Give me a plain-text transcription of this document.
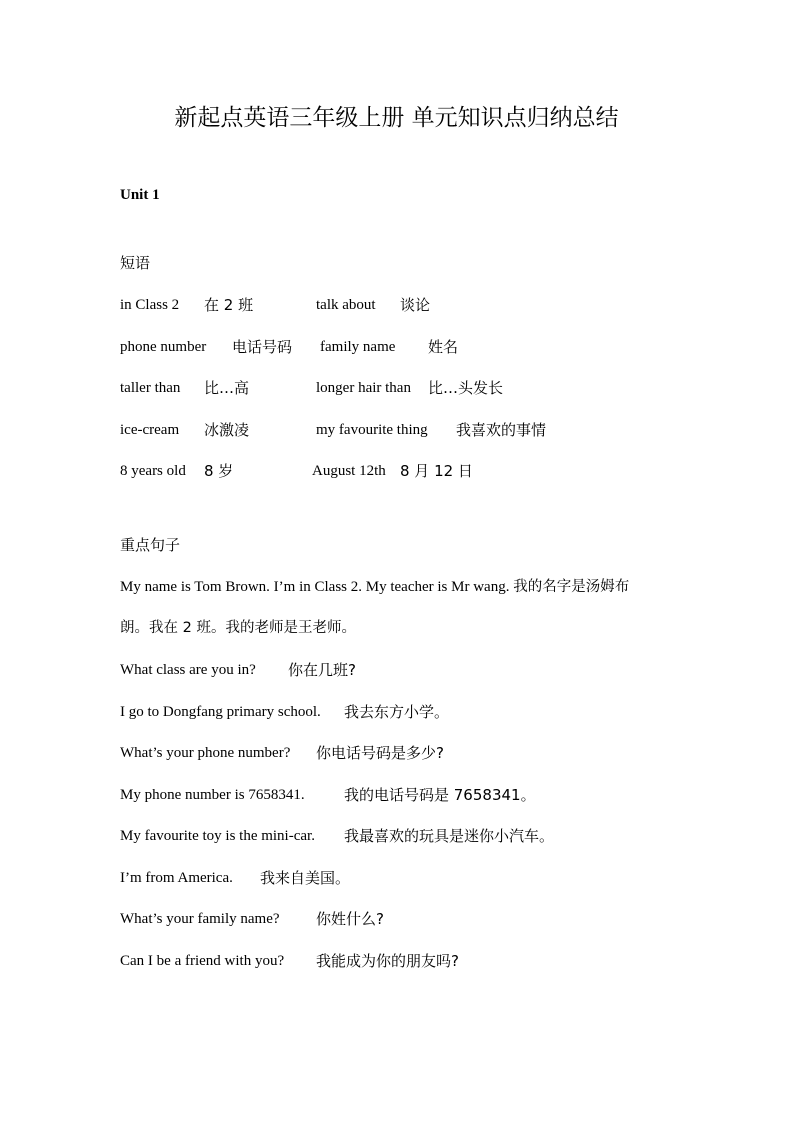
新起点英语三年级上册 单元知识点归纳总结
Unit 1
短语
in Class 2 在 2 班	talk about 谈论
phone number 电话号码 family name 姓名
taller than 比…高	longer hair than 比…头发长
ice-cream 冰激凌	my favourite thing 我喜欢的事情
8 years old 8 岁	August 12th 8 月 12 日
重点句子
My name is Tom Brown. I’m in Class 2. My teacher is Mr wang. 我的名字是汤姆布
朗。我在 2 班。我的老师是王老师。
What class are you in? 你在几班?
I go to Dongfang primary school. 我去东方小学。
What’s your phone number? 你电话号码是多少?
My phone number is 7658341.	我的电话号码是 7658341。
My favourite toy is the mini-car. 我最喜欢的玩具是迷你小汽车。
I’m from America. 我来自美国。
What’s your family name? 你姓什么?
Can I be a friend with you? 我能成为你的朋友吗?
